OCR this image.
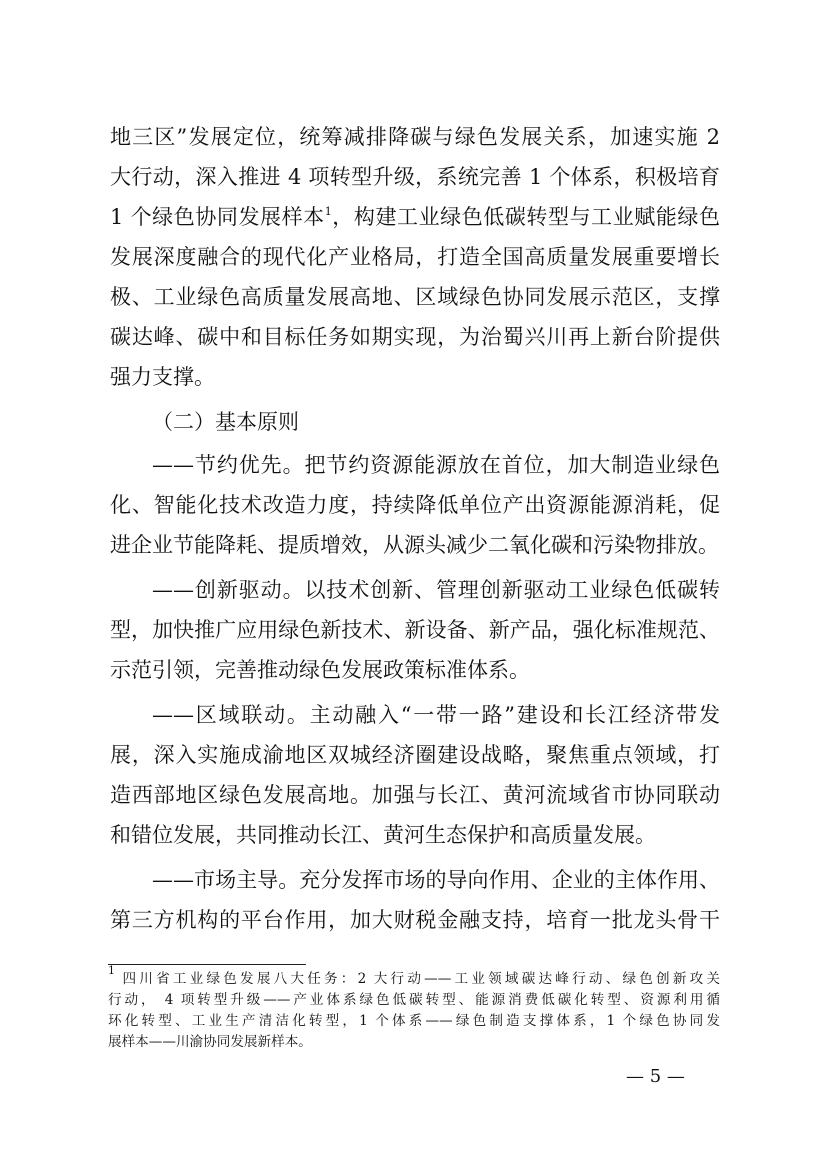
地三区”发展定位，统筹减排降碳与绿色发展关系，加速实施 2
大行动，深入推进 4 项转型升级，系统完善 1 个体系，积极培育
1 个绿色协同发展样本$^1$，构建工业绿色低碳转型与工业赋能绿色
发展深度融合的现代化产业格局，打造全国高质量发展重要增长
极、工业绿色高质量发展高地、区域绿色协同发展示范区，支撑
碳达峰、碳中和目标任务如期实现，为治蜀兴川再上新台阶提供
强力支撑。
（二）基本原则
——节约优先。把节约资源能源放在首位，加大制造业绿色
化、智能化技术改造力度，持续降低单位产出资源能源消耗，促
进企业节能降耗、提质增效，从源头减少二氧化碳和污染物排放。
——创新驱动。以技术创新、管理创新驱动工业绿色低碳转
型，加快推广应用绿色新技术、新设备、新产品，强化标准规范、
示范引领，完善推动绿色发展政策标准体系。
——区域联动。主动融入“一带一路”建设和长江经济带发
展，深入实施成渝地区双城经济圈建设战略，聚焦重点领域，打
造西部地区绿色发展高地。加强与长江、黄河流域省市协同联动
和错位发展，共同推动长江、黄河生态保护和高质量发展。
——市场主导。充分发挥市场的导向作用、企业的主体作用、
第三方机构的平台作用，加大财税金融支持，培育一批龙头骨干
$^1$ 四川省工业绿色发展八大任务：2 大行动——工业领域碳达峰行动、绿色创新攻关
行动， 4 项转型升级——产业体系绿色低碳转型、能源消费低碳化转型、资源利用循
环化转型、工业生产清洁化转型，1 个体系——绿色制造支撑体系，1 个绿色协同发
展样本——川渝协同发展新样本。
— 5 —
